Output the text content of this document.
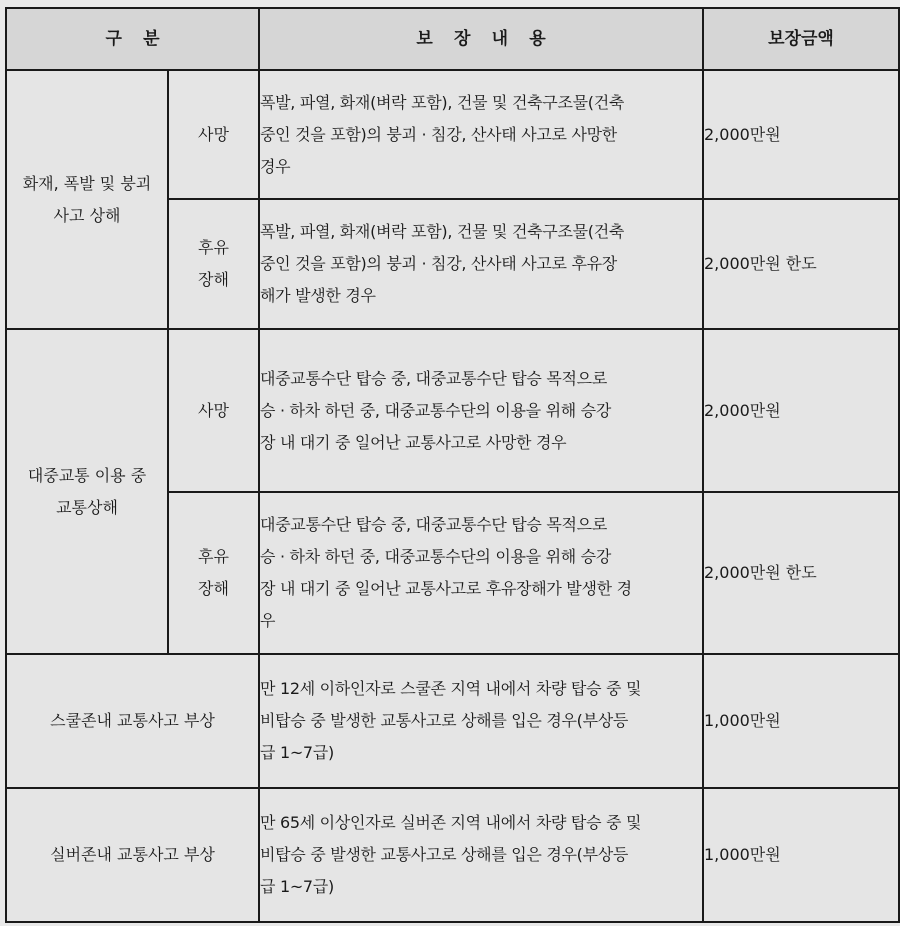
구 분		보 장 내 용	보장금액

화재, 폭발 및 붕괴
사고 상해	사망	폭발, 파열, 화재(벼락 포함), 건물 및 건축구조물(건축
중인 것을 포함)의 붕괴 · 침강, 산사태 사고로 사망한
경우	2,000만원

	후유
장해	폭발, 파열, 화재(벼락 포함), 건물 및 건축구조물(건축
중인 것을 포함)의 붕괴 · 침강, 산사태 사고로 후유장
해가 발생한 경우	2,000만원 한도

대중교통 이용 중
교통상해	사망	대중교통수단 탑승 중, 대중교통수단 탑승 목적으로
승 · 하차 하던 중, 대중교통수단의 이용을 위해 승강
장 내 대기 중 일어난 교통사고로 사망한 경우	2,000만원

	후유
장해	대중교통수단 탑승 중, 대중교통수단 탑승 목적으로
승 · 하차 하던 중, 대중교통수단의 이용을 위해 승강
장 내 대기 중 일어난 교통사고로 후유장해가 발생한 경
우	2,000만원 한도
스쿨존내 교통사고 부상		만 12세 이하인자로 스쿨존 지역 내에서 차량 탑승 중 및
비탑승 중 발생한 교통사고로 상해를 입은 경우(부상등
급 1~7급)	1,000만원
실버존내 교통사고 부상		만 65세 이상인자로 실버존 지역 내에서 차량 탑승 중 및
비탑승 중 발생한 교통사고로 상해를 입은 경우(부상등
급 1~7급)	1,000만원
